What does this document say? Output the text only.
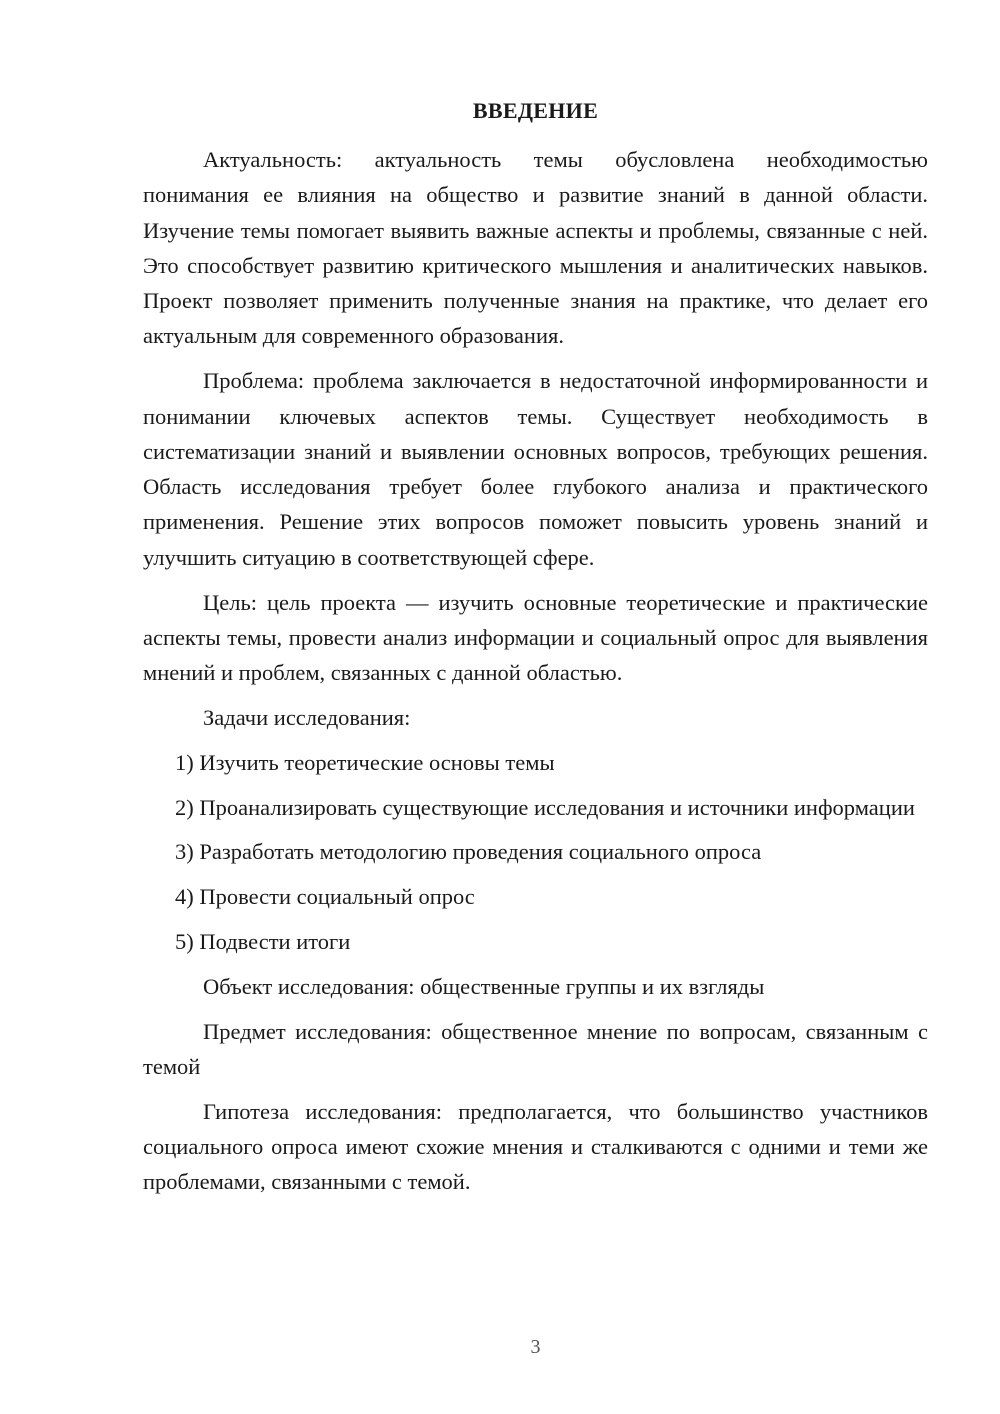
ВВЕДЕНИЕ

Актуальность: актуальность темы обусловлена необходимостью понимания ее влияния на общество и развитие знаний в данной области. Изучение темы помогает выявить важные аспекты и проблемы, связанные с ней. Это способствует развитию критического мышления и аналитических навыков. Проект позволяет применить полученные знания на практике, что делает его актуальным для современного образования.

Проблема: проблема заключается в недостаточной информированности и понимании ключевых аспектов темы. Существует необходимость в систематизации знаний и выявлении основных вопросов, требующих решения. Область исследования требует более глубокого анализа и практического применения. Решение этих вопросов поможет повысить уровень знаний и улучшить ситуацию в соответствующей сфере.

Цель: цель проекта — изучить основные теоретические и практические аспекты темы, провести анализ информации и социальный опрос для выявления мнений и проблем, связанных с данной областью.

Задачи исследования:

1) Изучить теоретические основы темы

2) Проанализировать существующие исследования и источники информации

3) Разработать методологию проведения социального опроса

4) Провести социальный опрос

5) Подвести итоги

Объект исследования: общественные группы и их взгляды

Предмет исследования: общественное мнение по вопросам, связанным с темой

Гипотеза исследования: предполагается, что большинство участников социального опроса имеют схожие мнения и сталкиваются с одними и теми же проблемами, связанными с темой.

3
